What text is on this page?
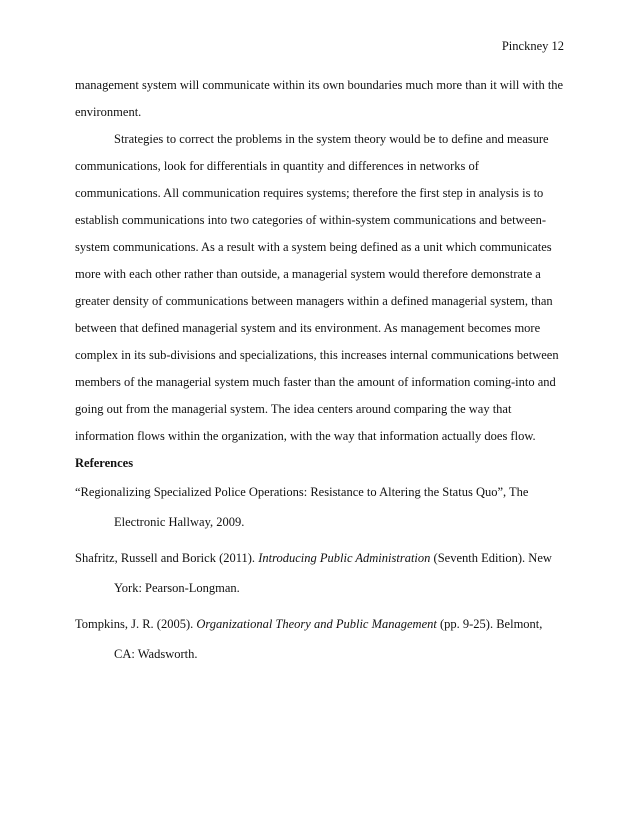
Pinckney 12

management system will communicate within its own boundaries much more than it will with the environment.

Strategies to correct the problems in the system theory would be to define and measure communications, look for differentials in quantity and differences in networks of communications. All communication requires systems; therefore the first step in analysis is to establish communications into two categories of within-system communications and between-system communications. As a result with a system being defined as a unit which communicates more with each other rather than outside, a managerial system would therefore demonstrate a greater density of communications between managers within a defined managerial system, than between that defined managerial system and its environment. As management becomes more complex in its sub-divisions and specializations, this increases internal communications between members of the managerial system much faster than the amount of information coming-into and going out from the managerial system. The idea centers around comparing the way that information flows within the organization, with the way that information actually does flow.

References

“Regionalizing Specialized Police Operations: Resistance to Altering the Status Quo”, The Electronic Hallway, 2009.

Shafritz, Russell and Borick (2011). Introducing Public Administration (Seventh Edition). New York: Pearson-Longman.

Tompkins, J. R. (2005). Organizational Theory and Public Management (pp. 9-25). Belmont, CA: Wadsworth.
